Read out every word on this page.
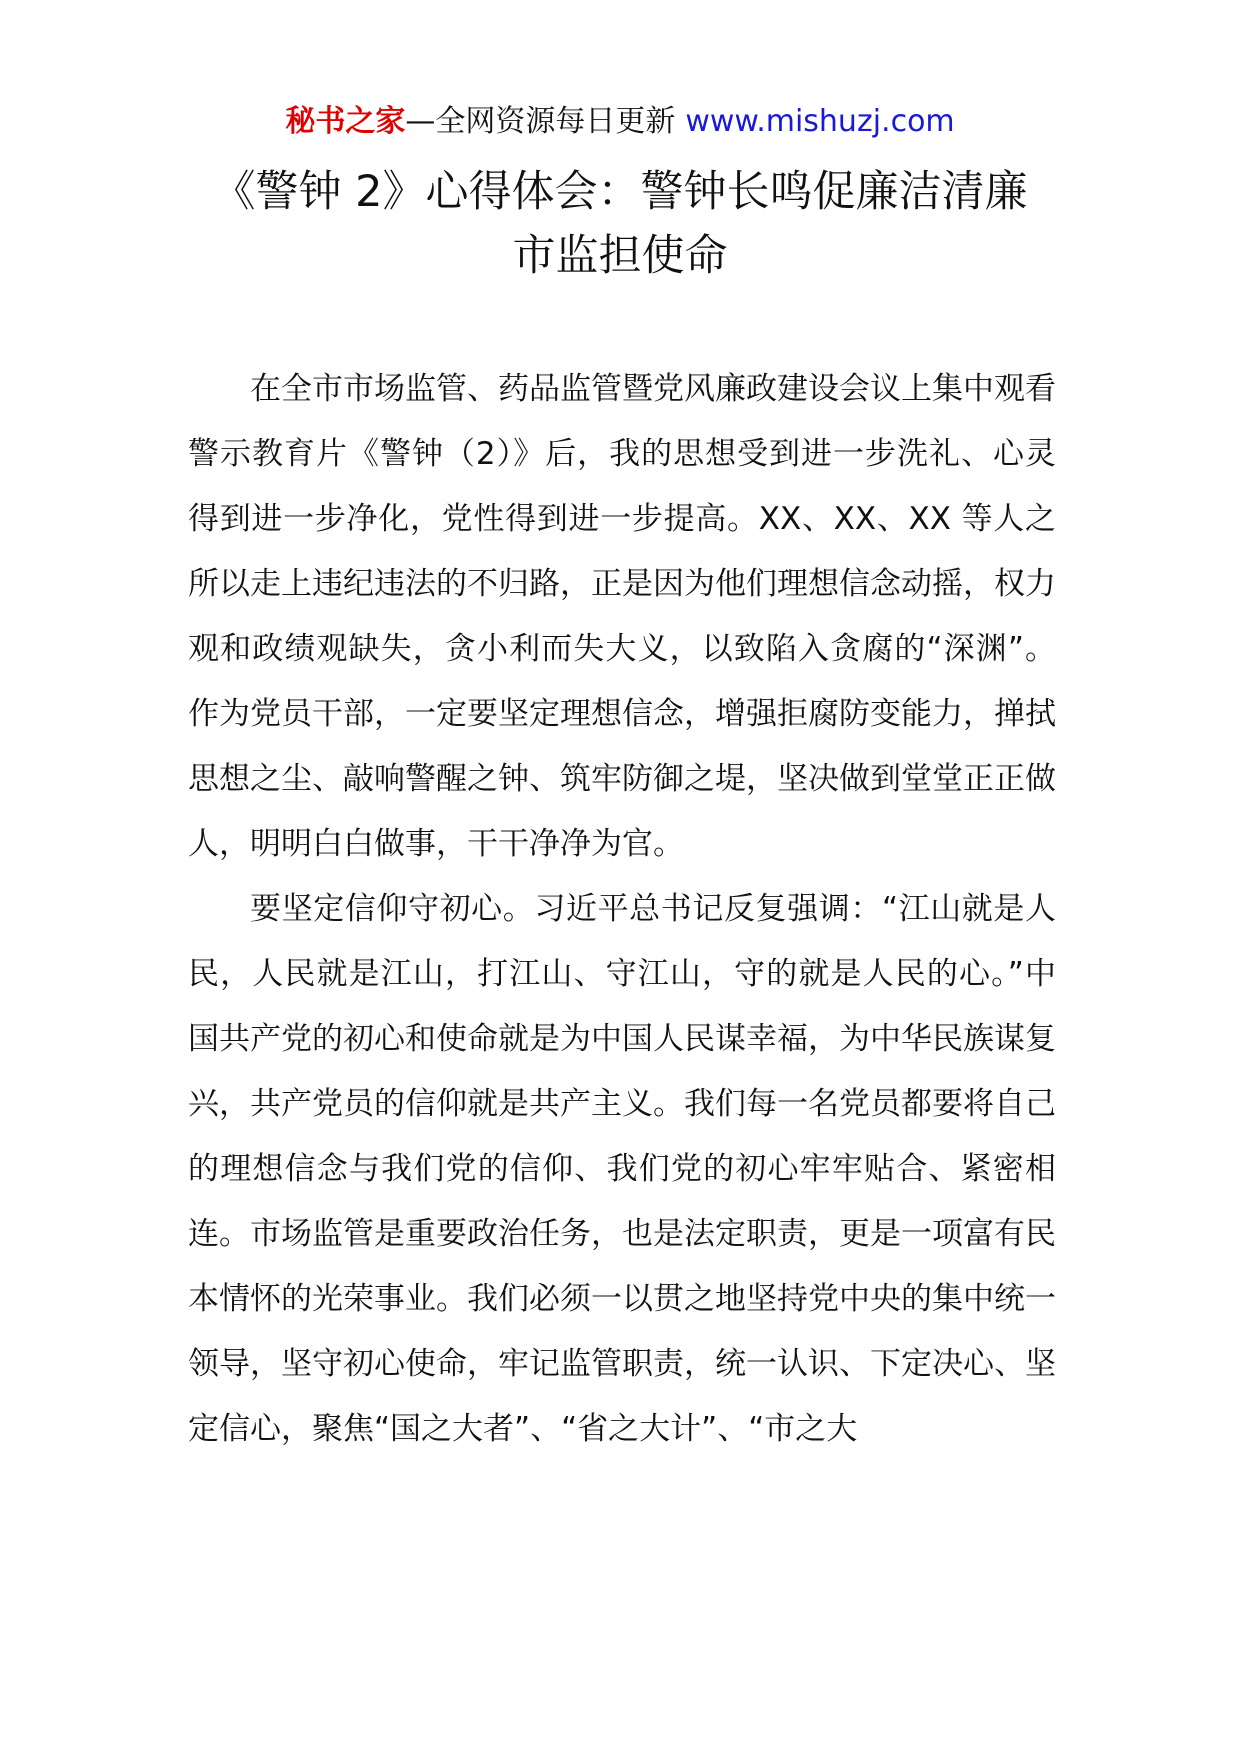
秘书之家—全网资源每日更新 www.mishuzj.com
《警钟 2》心得体会：警钟长鸣促廉洁清廉
市监担使命

在全市市场监管、药品监管暨党风廉政建设会议上集中观看警示教育片《警钟（2）》后，我的思想受到进一步洗礼、心灵得到进一步净化，党性得到进一步提高。XX、XX、XX 等人之所以走上违纪违法的不归路，正是因为他们理想信念动摇，权力观和政绩观缺失，贪小利而失大义，以致陷入贪腐的“深渊”。作为党员干部，一定要坚定理想信念，增强拒腐防变能力，掸拭思想之尘、敲响警醒之钟、筑牢防御之堤，坚决做到堂堂正正做人，明明白白做事，干干净净为官。

要坚定信仰守初心。习近平总书记反复强调：“江山就是人民，人民就是江山，打江山、守江山，守的就是人民的心。”中国共产党的初心和使命就是为中国人民谋幸福，为中华民族谋复兴，共产党员的信仰就是共产主义。我们每一名党员都要将自己的理想信念与我们党的信仰、我们党的初心牢牢贴合、紧密相连。市场监管是重要政治任务，也是法定职责，更是一项富有民本情怀的光荣事业。我们必须一以贯之地坚持党中央的集中统一领导，坚守初心使命，牢记监管职责，统一认识、下定决心、坚定信心，聚焦“国之大者”、“省之大计”、“市之大
